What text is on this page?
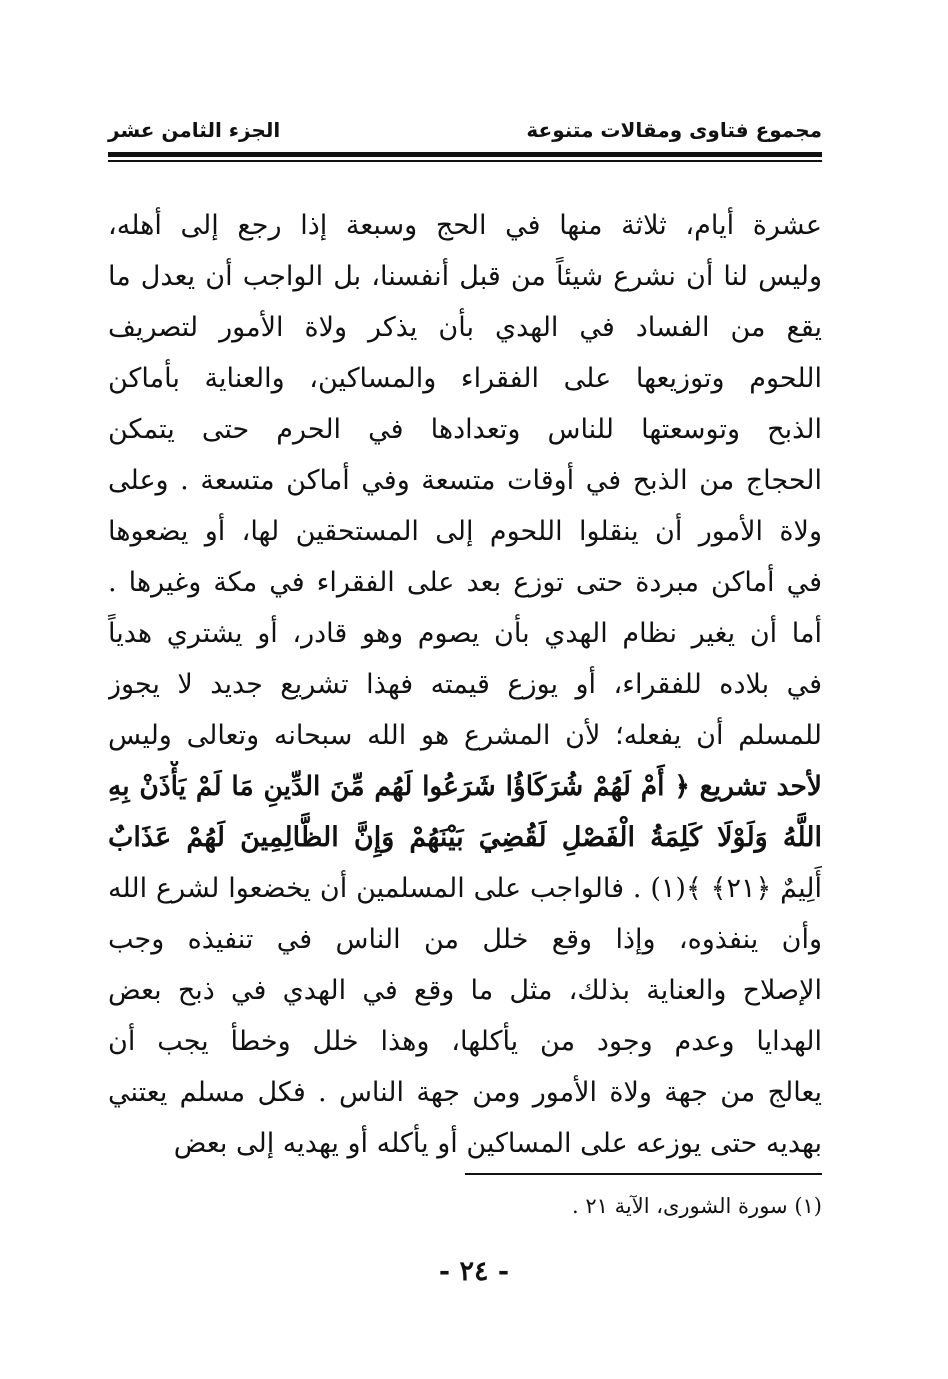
مجموع فتاوى ومقالات متنوعة
الجزء الثامن عشر
عشرة أيام، ثلاثة منها في الحج وسبعة إذا رجع إلى أهله،
وليس لنا أن نشرع شيئاً من قبل أنفسنا، بل الواجب أن يعدل ما
يقع من الفساد في الهدي بأن يذكر ولاة الأمور لتصريف
اللحوم وتوزيعها على الفقراء والمساكين، والعناية بأماكن
الذبح وتوسعتها للناس وتعدادها في الحرم حتى يتمكن
الحجاج من الذبح في أوقات متسعة وفي أماكن متسعة . وعلى
ولاة الأمور أن ينقلوا اللحوم إلى المستحقين لها، أو يضعوها
في أماكن مبردة حتى توزع بعد على الفقراء في مكة وغيرها .
أما أن يغير نظام الهدي بأن يصوم وهو قادر، أو يشتري هدياً
في بلاده للفقراء، أو يوزع قيمته فهذا تشريع جديد لا يجوز
للمسلم أن يفعله؛ لأن المشرع هو الله سبحانه وتعالى وليس
لأحد تشريع ﴿ أَمْ لَهُمْ شُرَكَاؤُا شَرَعُوا لَهُم مِّنَ الدِّينِ مَا لَمْ يَأْذَنْ بِهِ
اللَّهُ وَلَوْلَا كَلِمَةُ الْفَصْلِ لَقُضِيَ بَيْنَهُمْ وَإِنَّ الظَّالِمِينَ لَهُمْ عَذَابٌ
أَلِيمٌ ﴿٢١﴾ ﴾(١) . فالواجب على المسلمين أن يخضعوا لشرع الله
وأن ينفذوه، وإذا وقع خلل من الناس في تنفيذه وجب
الإصلاح والعناية بذلك، مثل ما وقع في الهدي في ذبح بعض
الهدايا وعدم وجود من يأكلها، وهذا خلل وخطأ يجب أن
يعالج من جهة ولاة الأمور ومن جهة الناس . فكل مسلم يعتني
بهديه حتى يوزعه على المساكين أو يأكله أو يهديه إلى بعض
(١) سورة الشورى، الآية ٢١ .
- ٢٤ -
